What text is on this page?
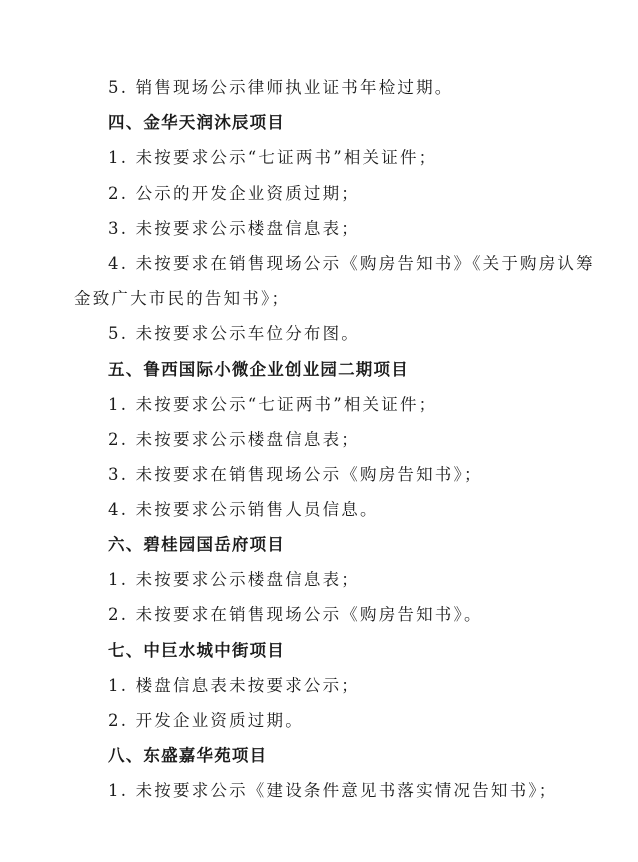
5. 销售现场公示律师执业证书年检过期。
四、金华天润沐辰项目
1. 未按要求公示“七证两书”相关证件；
2. 公示的开发企业资质过期；
3. 未按要求公示楼盘信息表；
4. 未按要求在销售现场公示《购房告知书》《关于购房认筹
金致广大市民的告知书》；
5. 未按要求公示车位分布图。
五、鲁西国际小微企业创业园二期项目
1. 未按要求公示“七证两书”相关证件；
2. 未按要求公示楼盘信息表；
3. 未按要求在销售现场公示《购房告知书》；
4. 未按要求公示销售人员信息。
六、碧桂园国岳府项目
1. 未按要求公示楼盘信息表；
2. 未按要求在销售现场公示《购房告知书》。
七、中巨水城中街项目
1. 楼盘信息表未按要求公示；
2. 开发企业资质过期。
八、东盛嘉华苑项目
1. 未按要求公示《建设条件意见书落实情况告知书》；
